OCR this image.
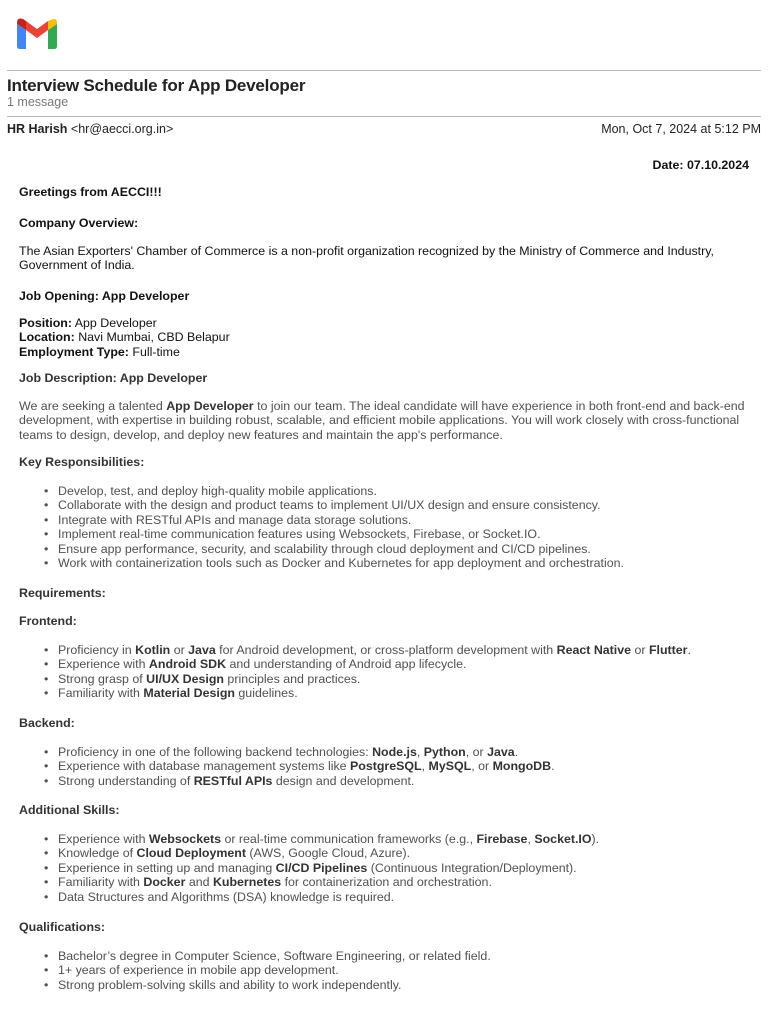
Interview Schedule for App Developer
1 message
HR Harish <hr@aecci.org.in>	Mon, Oct 7, 2024 at 5:12 PM
Date: 07.10.2024
Greetings from AECCI!!!
Company Overview:
The Asian Exporters' Chamber of Commerce is a non-profit organization recognized by the Ministry of Commerce and Industry, Government of India.
Job Opening: App Developer
Position: App Developer
Location: Navi Mumbai, CBD Belapur
Employment Type: Full-time
Job Description: App Developer
We are seeking a talented App Developer to join our team. The ideal candidate will have experience in both front-end and back-end development, with expertise in building robust, scalable, and efficient mobile applications. You will work closely with cross-functional teams to design, develop, and deploy new features and maintain the app's performance.
Key Responsibilities:
• Develop, test, and deploy high-quality mobile applications.
• Collaborate with the design and product teams to implement UI/UX design and ensure consistency.
• Integrate with RESTful APIs and manage data storage solutions.
• Implement real-time communication features using Websockets, Firebase, or Socket.IO.
• Ensure app performance, security, and scalability through cloud deployment and CI/CD pipelines.
• Work with containerization tools such as Docker and Kubernetes for app deployment and orchestration.
Requirements:
Frontend:
• Proficiency in Kotlin or Java for Android development, or cross-platform development with React Native or Flutter.
• Experience with Android SDK and understanding of Android app lifecycle.
• Strong grasp of UI/UX Design principles and practices.
• Familiarity with Material Design guidelines.
Backend:
• Proficiency in one of the following backend technologies: Node.js, Python, or Java.
• Experience with database management systems like PostgreSQL, MySQL, or MongoDB.
• Strong understanding of RESTful APIs design and development.
Additional Skills:
• Experience with Websockets or real-time communication frameworks (e.g., Firebase, Socket.IO).
• Knowledge of Cloud Deployment (AWS, Google Cloud, Azure).
• Experience in setting up and managing CI/CD Pipelines (Continuous Integration/Deployment).
• Familiarity with Docker and Kubernetes for containerization and orchestration.
• Data Structures and Algorithms (DSA) knowledge is required.
Qualifications:
• Bachelor’s degree in Computer Science, Software Engineering, or related field.
• 1+ years of experience in mobile app development.
• Strong problem-solving skills and ability to work independently.
